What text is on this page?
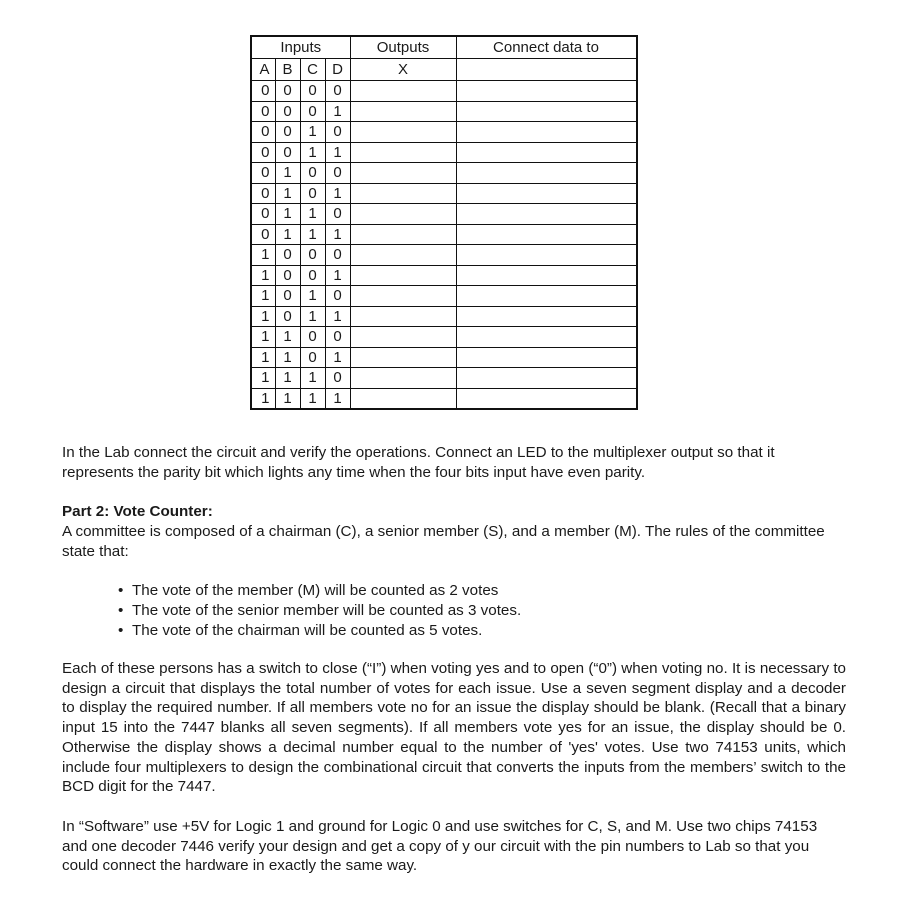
Inputs				Outputs	Connect data to
A	B	C	D	X	
0	0	0	0		
0	0	0	1		
0	0	1	0		
0	0	1	1		
0	1	0	0		
0	1	0	1		
0	1	1	0		
0	1	1	1		
1	0	0	0		
1	0	0	1		
1	0	1	0		
1	0	1	1		
1	1	0	0		
1	1	0	1		
1	1	1	0		
1	1	1	1		

In the Lab connect the circuit and verify the operations. Connect an LED to the multiplexer output so that it represents the parity bit which lights any time when the four bits input have even parity.

Part 2: Vote Counter:

A committee is composed of a chairman (C), a senior member (S), and a member (M). The rules of the committee state that:

• The vote of the member (M) will be counted as 2 votes
• The vote of the senior member will be counted as 3 votes.
• The vote of the chairman will be counted as 5 votes.

Each of these persons has a switch to close (“I”) when voting yes and to open (“0”) when voting no. It is necessary to design a circuit that displays the total number of votes for each issue. Use a seven segment display and a decoder to display the required number. If all members vote no for an issue the display should be blank. (Recall that a binary input 15 into the 7447 blanks all seven segments). If all members vote yes for an issue, the display should be 0. Otherwise the display shows a decimal number equal to the number of 'yes' votes. Use two 74153 units, which include four multiplexers to design the combinational circuit that converts the inputs from the members’ switch to the BCD digit for the 7447.

In “Software” use +5V for Logic 1 and ground for Logic 0 and use switches for C, S, and M. Use two chips 74153 and one decoder 7446 verify your design and get a copy of y our circuit with the pin numbers to Lab so that you could connect the hardware in exactly the same way.
